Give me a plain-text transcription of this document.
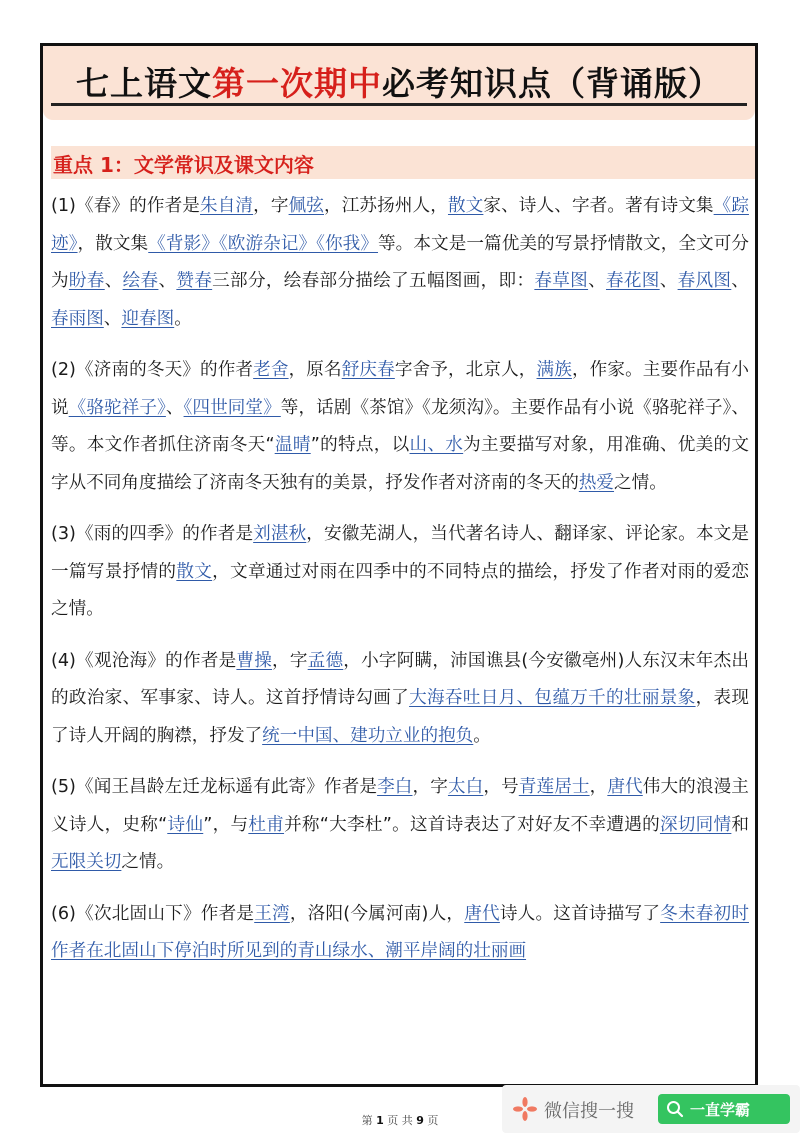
七上语文第一次期中必考知识点（背诵版）
重点 1：文学常识及课文内容

(1)《春》的作者是朱自清，字佩弦，江苏扬州人，散文家、诗人、字者。著有诗文集《踪迹》，散文集《背影》《欧游杂记》《你我》等。本文是一篇优美的写景抒情散文，全文可分为盼春、绘春、赞春三部分，绘春部分描绘了五幅图画，即：春草图、春花图、春风图、春雨图、迎春图。

(2)《济南的冬天》的作者老舍，原名舒庆春字舍予，北京人，满族，作家。主要作品有小说《骆驼祥子》、《四世同堂》等，话剧《茶馆》《龙须沟》。主要作品有小说《骆驼祥子》、等。本文作者抓住济南冬天“温晴”的特点，以山、水为主要描写对象，用准确、优美的文字从不同角度描绘了济南冬天独有的美景，抒发作者对济南的冬天的热爱之情。

(3)《雨的四季》的作者是刘湛秋，安徽芜湖人，当代著名诗人、翻译家、评论家。本文是一篇写景抒情的散文，文章通过对雨在四季中的不同特点的描绘，抒发了作者对雨的爱恋之情。

(4)《观沧海》的作者是曹操，字孟德，小字阿瞒，沛国谯县(今安徽亳州)人东汉末年杰出的政治家、军事家、诗人。这首抒情诗勾画了大海吞吐日月、包蕴万千的壮丽景象，表现了诗人开阔的胸襟，抒发了统一中国、建功立业的抱负。

(5)《闻王昌龄左迁龙标遥有此寄》作者是李白，字太白，号青莲居士，唐代伟大的浪漫主义诗人，史称“诗仙”，与杜甫并称“大李杜”。这首诗表达了对好友不幸遭遇的深切同情和无限关切之情。

(6)《次北固山下》作者是王湾，洛阳(今属河南)人，唐代诗人。这首诗描写了冬末春初时作者在北固山下停泊时所见到的青山绿水、潮平岸阔的壮丽画

第 1 页 共 9 页	微信搜一搜	一直学霸
